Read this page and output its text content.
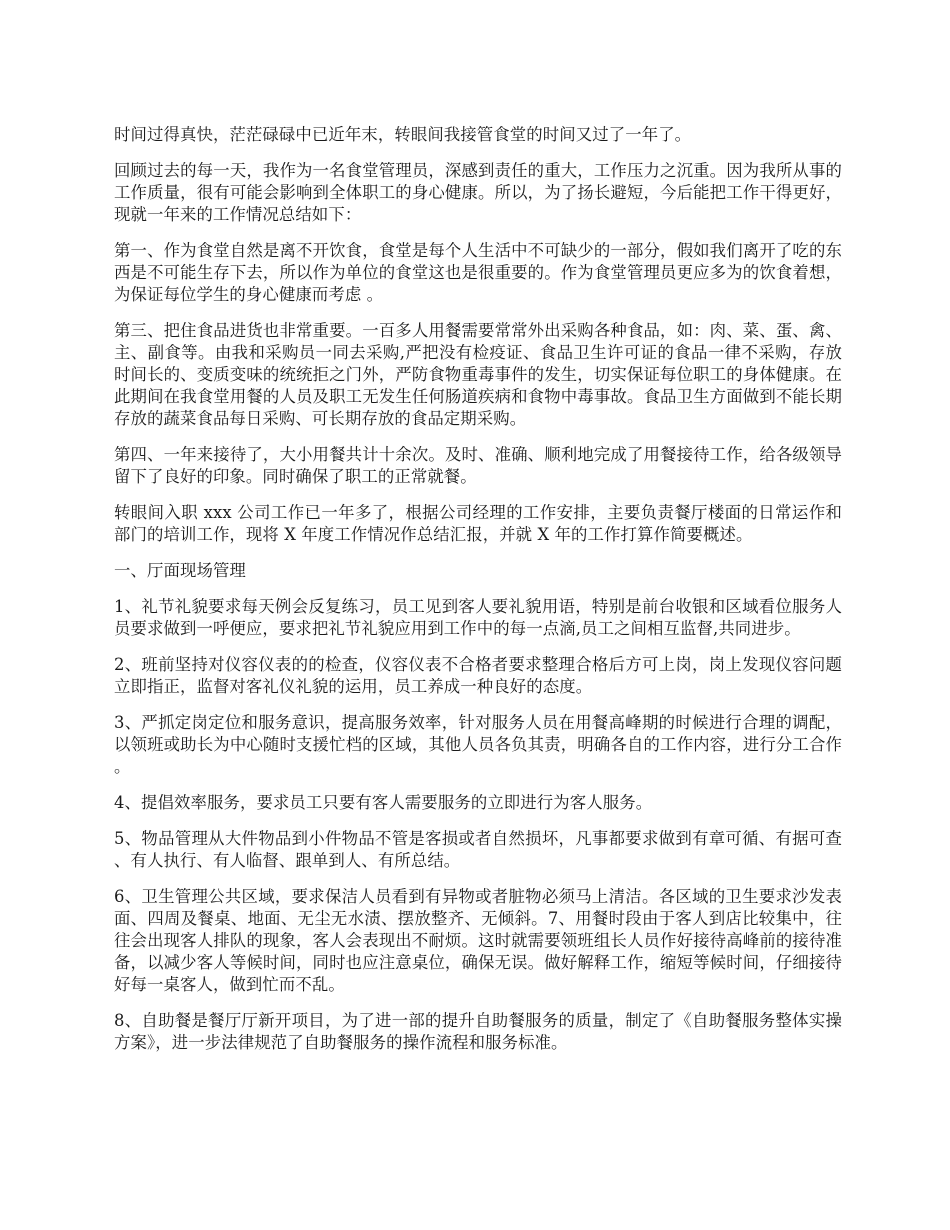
时间过得真快，茫茫碌碌中已近年末，转眼间我接管食堂的时间又过了一年了。

回顾过去的每一天，我作为一名食堂管理员，深感到责任的重大，工作压力之沉重。因为我所从事的工作质量，很有可能会影响到全体职工的身心健康。所以，为了扬长避短，今后能把工作干得更好，现就一年来的工作情况总结如下：

第一、作为食堂自然是离不开饮食，食堂是每个人生活中不可缺少的一部分，假如我们离开了吃的东西是不可能生存下去，所以作为单位的食堂这也是很重要的。作为食堂管理员更应多为的饮食着想，为保证每位学生的身心健康而考虑 。

第三、把住食品进货也非常重要。一百多人用餐需要常常外出采购各种食品，如：肉、菜、蛋、禽、主、副食等。由我和采购员一同去采购,严把没有检疫证、食品卫生许可证的食品一律不采购，存放时间长的、变质变味的统统拒之门外，严防食物重毒事件的发生，切实保证每位职工的身体健康。在此期间在我食堂用餐的人员及职工无发生任何肠道疾病和食物中毒事故。食品卫生方面做到不能长期存放的蔬菜食品每日采购、可长期存放的食品定期采购。

第四、一年来接待了，大小用餐共计十余次。及时、准确、顺利地完成了用餐接待工作，给各级领导留下了良好的印象。同时确保了职工的正常就餐。

转眼间入职 xxx 公司工作已一年多了，根据公司经理的工作安排，主要负责餐厅楼面的日常运作和部门的培训工作，现将 X 年度工作情况作总结汇报，并就 X 年的工作打算作简要概述。

一、厅面现场管理

1、礼节礼貌要求每天例会反复练习，员工见到客人要礼貌用语，特别是前台收银和区域看位服务人员要求做到一呼便应，要求把礼节礼貌应用到工作中的每一点滴,员工之间相互监督,共同进步。

2、班前坚持对仪容仪表的的检查，仪容仪表不合格者要求整理合格后方可上岗，岗上发现仪容问题立即指正，监督对客礼仪礼貌的运用，员工养成一种良好的态度。

3、严抓定岗定位和服务意识，提高服务效率，针对服务人员在用餐高峰期的时候进行合理的调配，以领班或助长为中心随时支援忙档的区域，其他人员各负其责，明确各自的工作内容，进行分工合作。

4、提倡效率服务，要求员工只要有客人需要服务的立即进行为客人服务。

5、物品管理从大件物品到小件物品不管是客损或者自然损坏，凡事都要求做到有章可循、有据可查、有人执行、有人临督、跟单到人、有所总结。

6、卫生管理公共区域，要求保洁人员看到有异物或者脏物必须马上清洁。各区域的卫生要求沙发表面、四周及餐桌、地面、无尘无水渍、摆放整齐、无倾斜。7、用餐时段由于客人到店比较集中，往往会出现客人排队的现象，客人会表现出不耐烦。这时就需要领班组长人员作好接待高峰前的接待准备，以减少客人等候时间，同时也应注意桌位，确保无误。做好解释工作，缩短等候时间，仔细接待好每一桌客人，做到忙而不乱。

8、自助餐是餐厅厅新开项目，为了进一部的提升自助餐服务的质量，制定了《自助餐服务整体实操方案》，进一步法律规范了自助餐服务的操作流程和服务标准。
